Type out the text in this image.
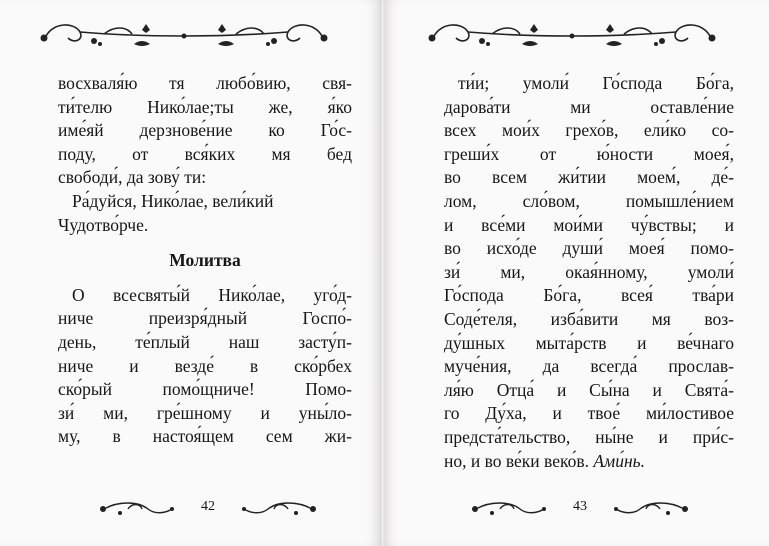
восхваля́ю тя любо́вию, свя-
ти́телю Нико́лае;ты же, я́ко
име́яй дерзнове́ние ко Го́с-
поду, от вся́ких мя бед
свободи́, да зову́ ти:
Ра́дуйся, Нико́лае, вели́кий
Чудотво́рче.
Молитва
О всесвяты́й Нико́лае, уго́д-
ниче	преизря́дный	Госпо́-
день, те́плый наш засту́п-
ниче и везде́ в ско́рбех
ско́рый	помо́щниче!	Помо-
зи́ ми, гре́шному и уны́ло-
му, в настоя́щем сем жи-
42
ти́и; умоли́ Го́спода Бо́га,
дарова́ти	ми	оставле́ние
всех мои́х грехо́в, ели́ко со-
греши́х от ю́ности моея́,
во всем жи́тии моем́, де́-
лом,	сло́вом,	помышле́нием
и все́ми мои́ми чу́вствы; и
во исхо́де души́ моея́ помо-
зи́ ми, окая́нному, умоли́
Го́спода Бо́га, всея́ тва́ри
Соде́теля, изба́вити мя воз-
ду́шных мыта́рств и ве́чнаго
муче́ния, да всегда́ прослав-
ля́ю Отца́ и Сы́на и Свята́-
го Ду́ха, и твое́ ми́лостивое
предста́тельство, ны́не и при́с-
но, и во ве́ки веко́в. Ами́нь.
43
